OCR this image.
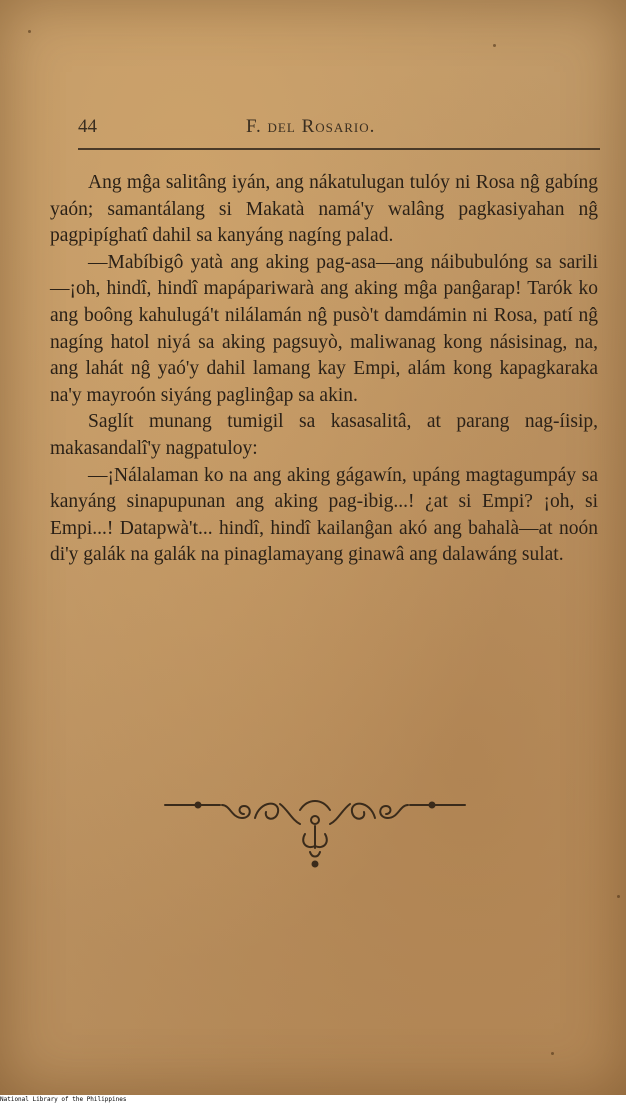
44	F. del Rosario.

Ang mĝa salitâng iyán, ang nákatulugan tulóy ni Rosa nĝ gabíng yaón; samantálang si Makatà namá'y walâng pagkasiyahan nĝ pagpipíghatî dahil sa kanyáng nagíng palad.

—Mabíbigô yatà ang aking pag-asa—ang náibubulóng sa sarili—¡oh, hindî, hindî mapápariwarà ang aking mĝa panĝarap! Tarók ko ang boông kahulugá't nilálamán nĝ pusò't damdámin ni Rosa, patí nĝ nagíng hatol niyá sa aking pagsuyò, maliwanag kong násisinag, na, ang lahát nĝ yaó'y dahil lamang kay Empi, alám kong kapagkaraka na'y mayroón siyáng paglinĝap sa akin.

Saglít munang tumigil sa kasasalitâ, at parang nag-íisip, makasandalî'y nagpatuloy:

—¡Nálalaman ko na ang aking gágawín, upáng magtagumpáy sa kanyáng sinapupunan ang aking pag-ibig...! ¿at si Empi? ¡oh, si Empi...! Datapwà't... hindî, hindî kailanĝan akó ang bahalà—at noón di'y galák na galák na pinaglamayang ginawâ ang dalawáng sulat.

National Library of the Philippines
